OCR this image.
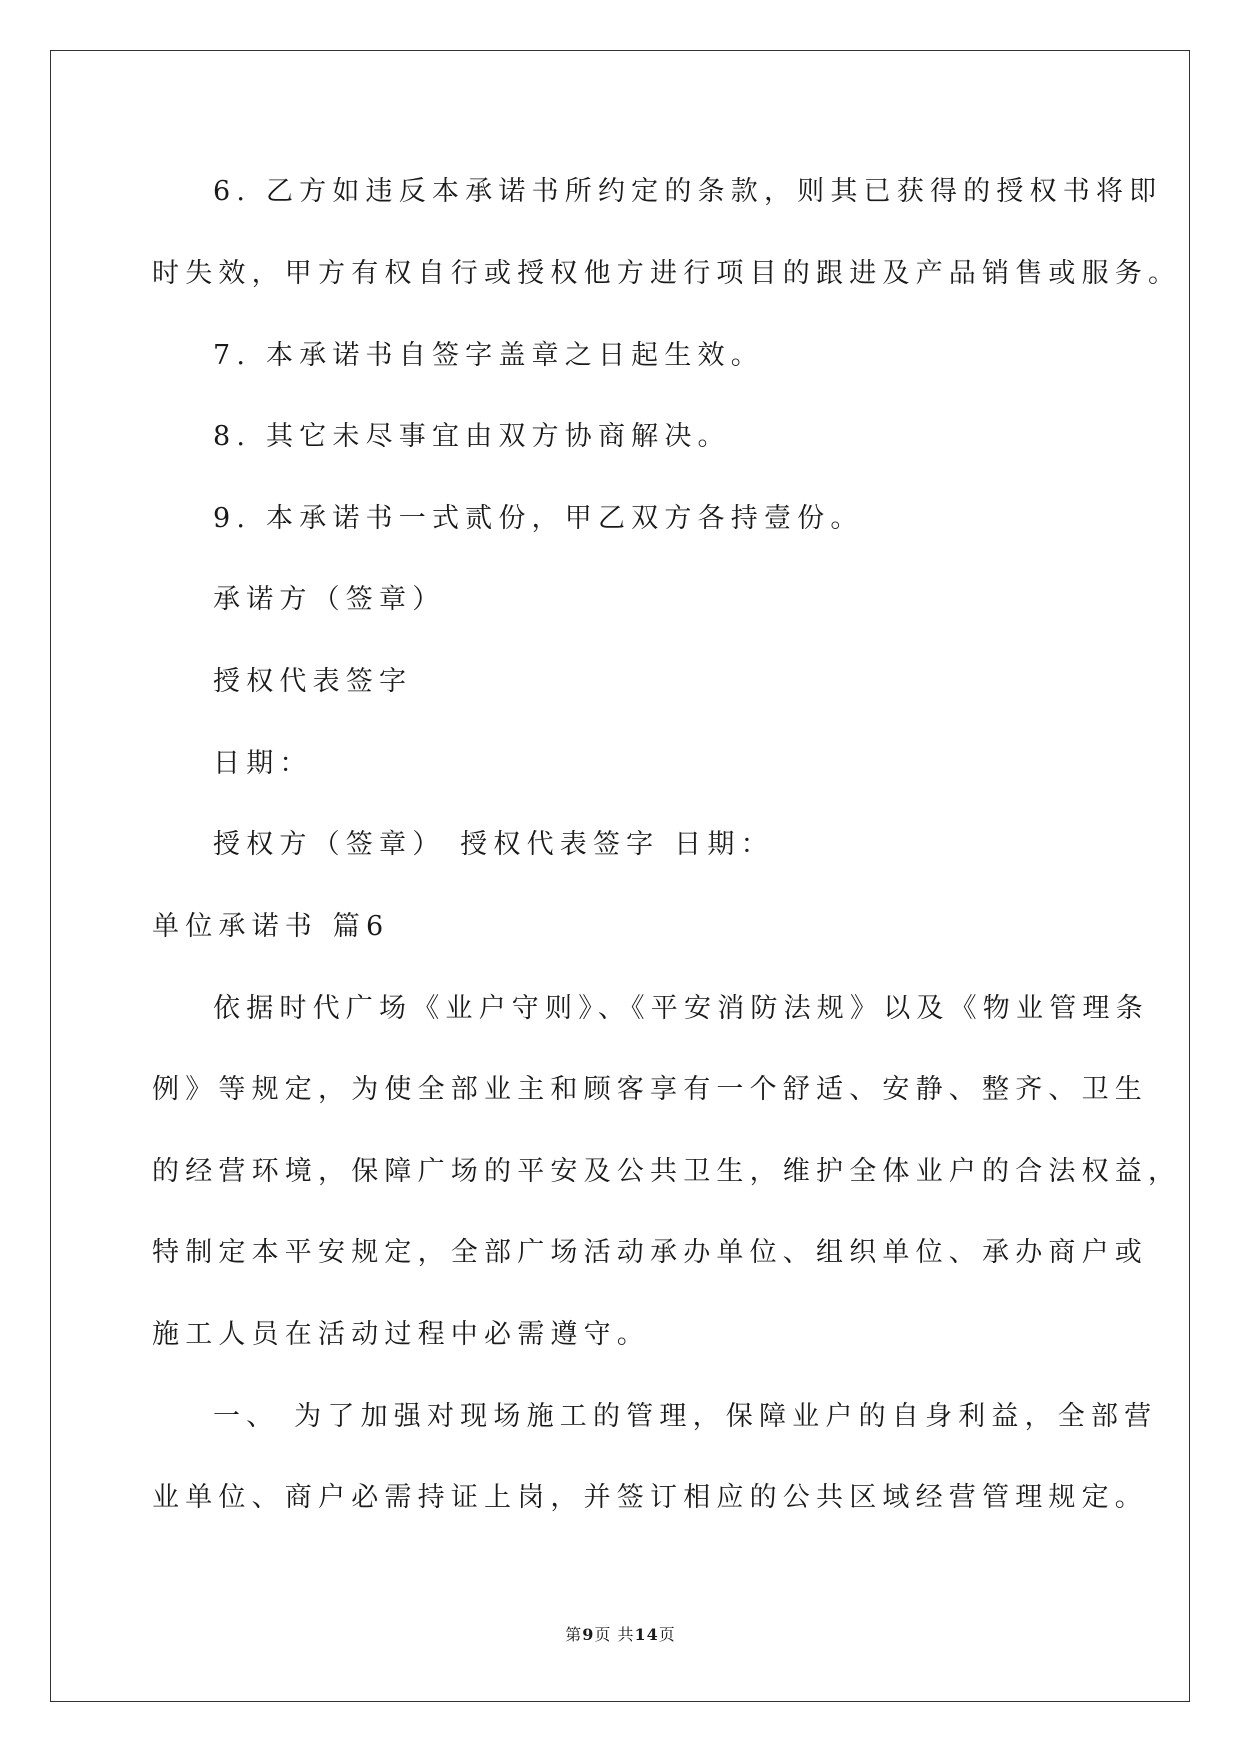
6. 乙方如违反本承诺书所约定的条款，则其已获得的授权书将即
时失效，甲方有权自行或授权他方进行项目的跟进及产品销售或服务。
7. 本承诺书自签字盖章之日起生效。
8. 其它未尽事宜由双方协商解决。
9. 本承诺书一式贰份，甲乙双方各持壹份。
承诺方（签章）
授权代表签字
日期：
授权方（签章） 授权代表签字 日期：
单位承诺书 篇6
依据时代广场《业户守则》、《平安消防法规》以及《物业管理条
例》等规定，为使全部业主和顾客享有一个舒适、安静、整齐、卫生
的经营环境，保障广场的平安及公共卫生，维护全体业户的合法权益，
特制定本平安规定，全部广场活动承办单位、组织单位、承办商户或
施工人员在活动过程中必需遵守。
一、 为了加强对现场施工的管理，保障业户的自身利益，全部营
业单位、商户必需持证上岗，并签订相应的公共区域经营管理规定。
第9页 共14页
